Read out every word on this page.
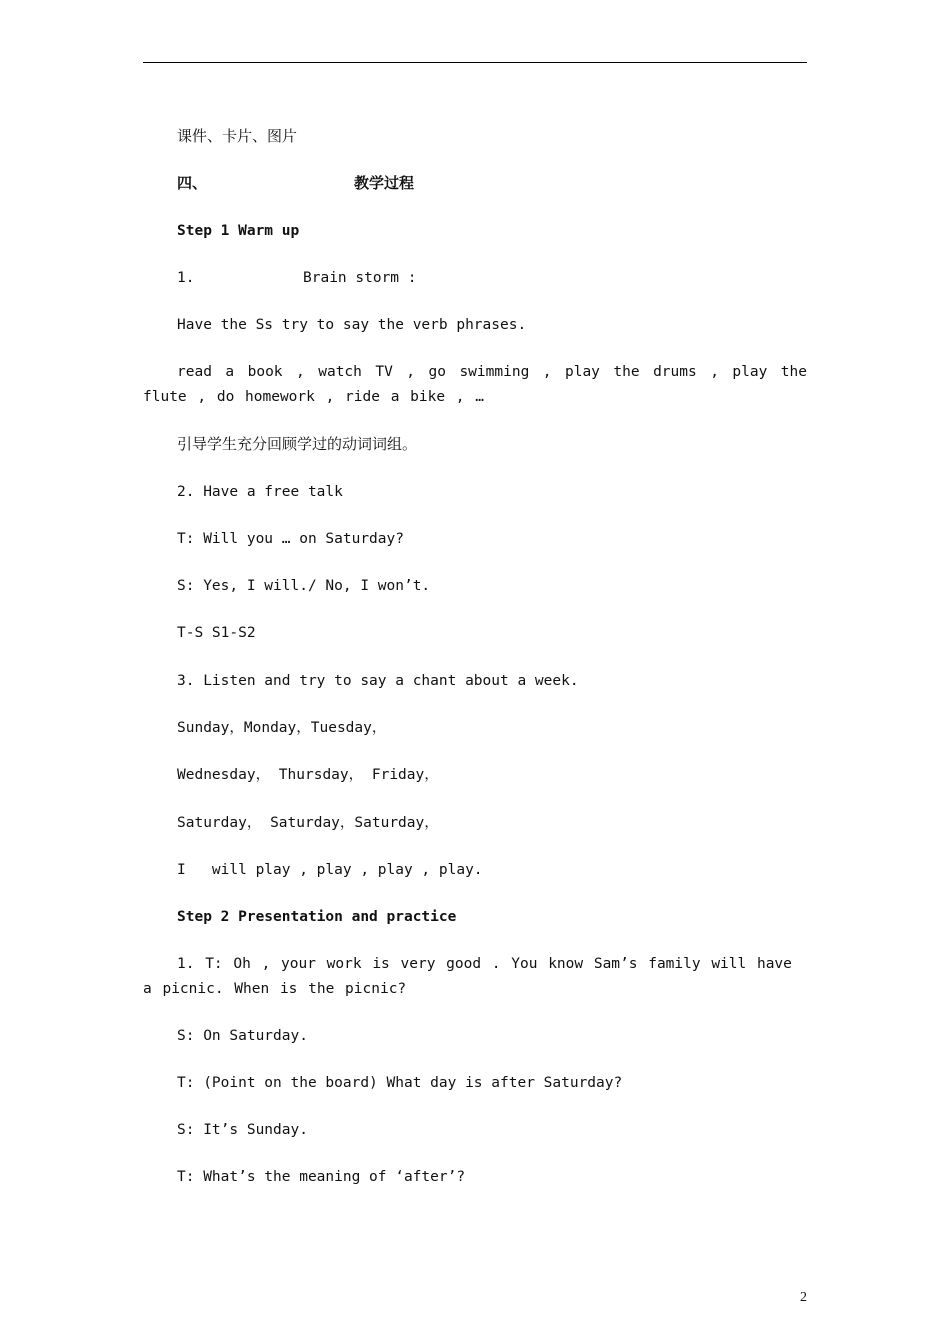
课件、卡片、图片
四、	教学过程
Step 1 Warm up
1.	Brain storm :
Have the Ss try to say the verb phrases.
read a book , watch TV , go swimming , play the drums , play the flute , do homework , ride a bike , …
引导学生充分回顾学过的动词词组。
2. Have a free talk
T: Will you … on Saturday?
S: Yes, I will./ No, I won’t.
T-S S1-S2
3. Listen and try to say a chant about a week.
Sunday，Monday，Tuesday，
Wednesday， Thursday， Friday，
Saturday， Saturday，Saturday，
I   will play , play , play , play.
Step 2 Presentation and practice
1. T: Oh , your work is very good . You know Sam’s family will have a picnic. When is the picnic?
S: On Saturday.
T: (Point on the board) What day is after Saturday?
S: It’s Sunday.
T: What’s the meaning of ‘after’?
2
